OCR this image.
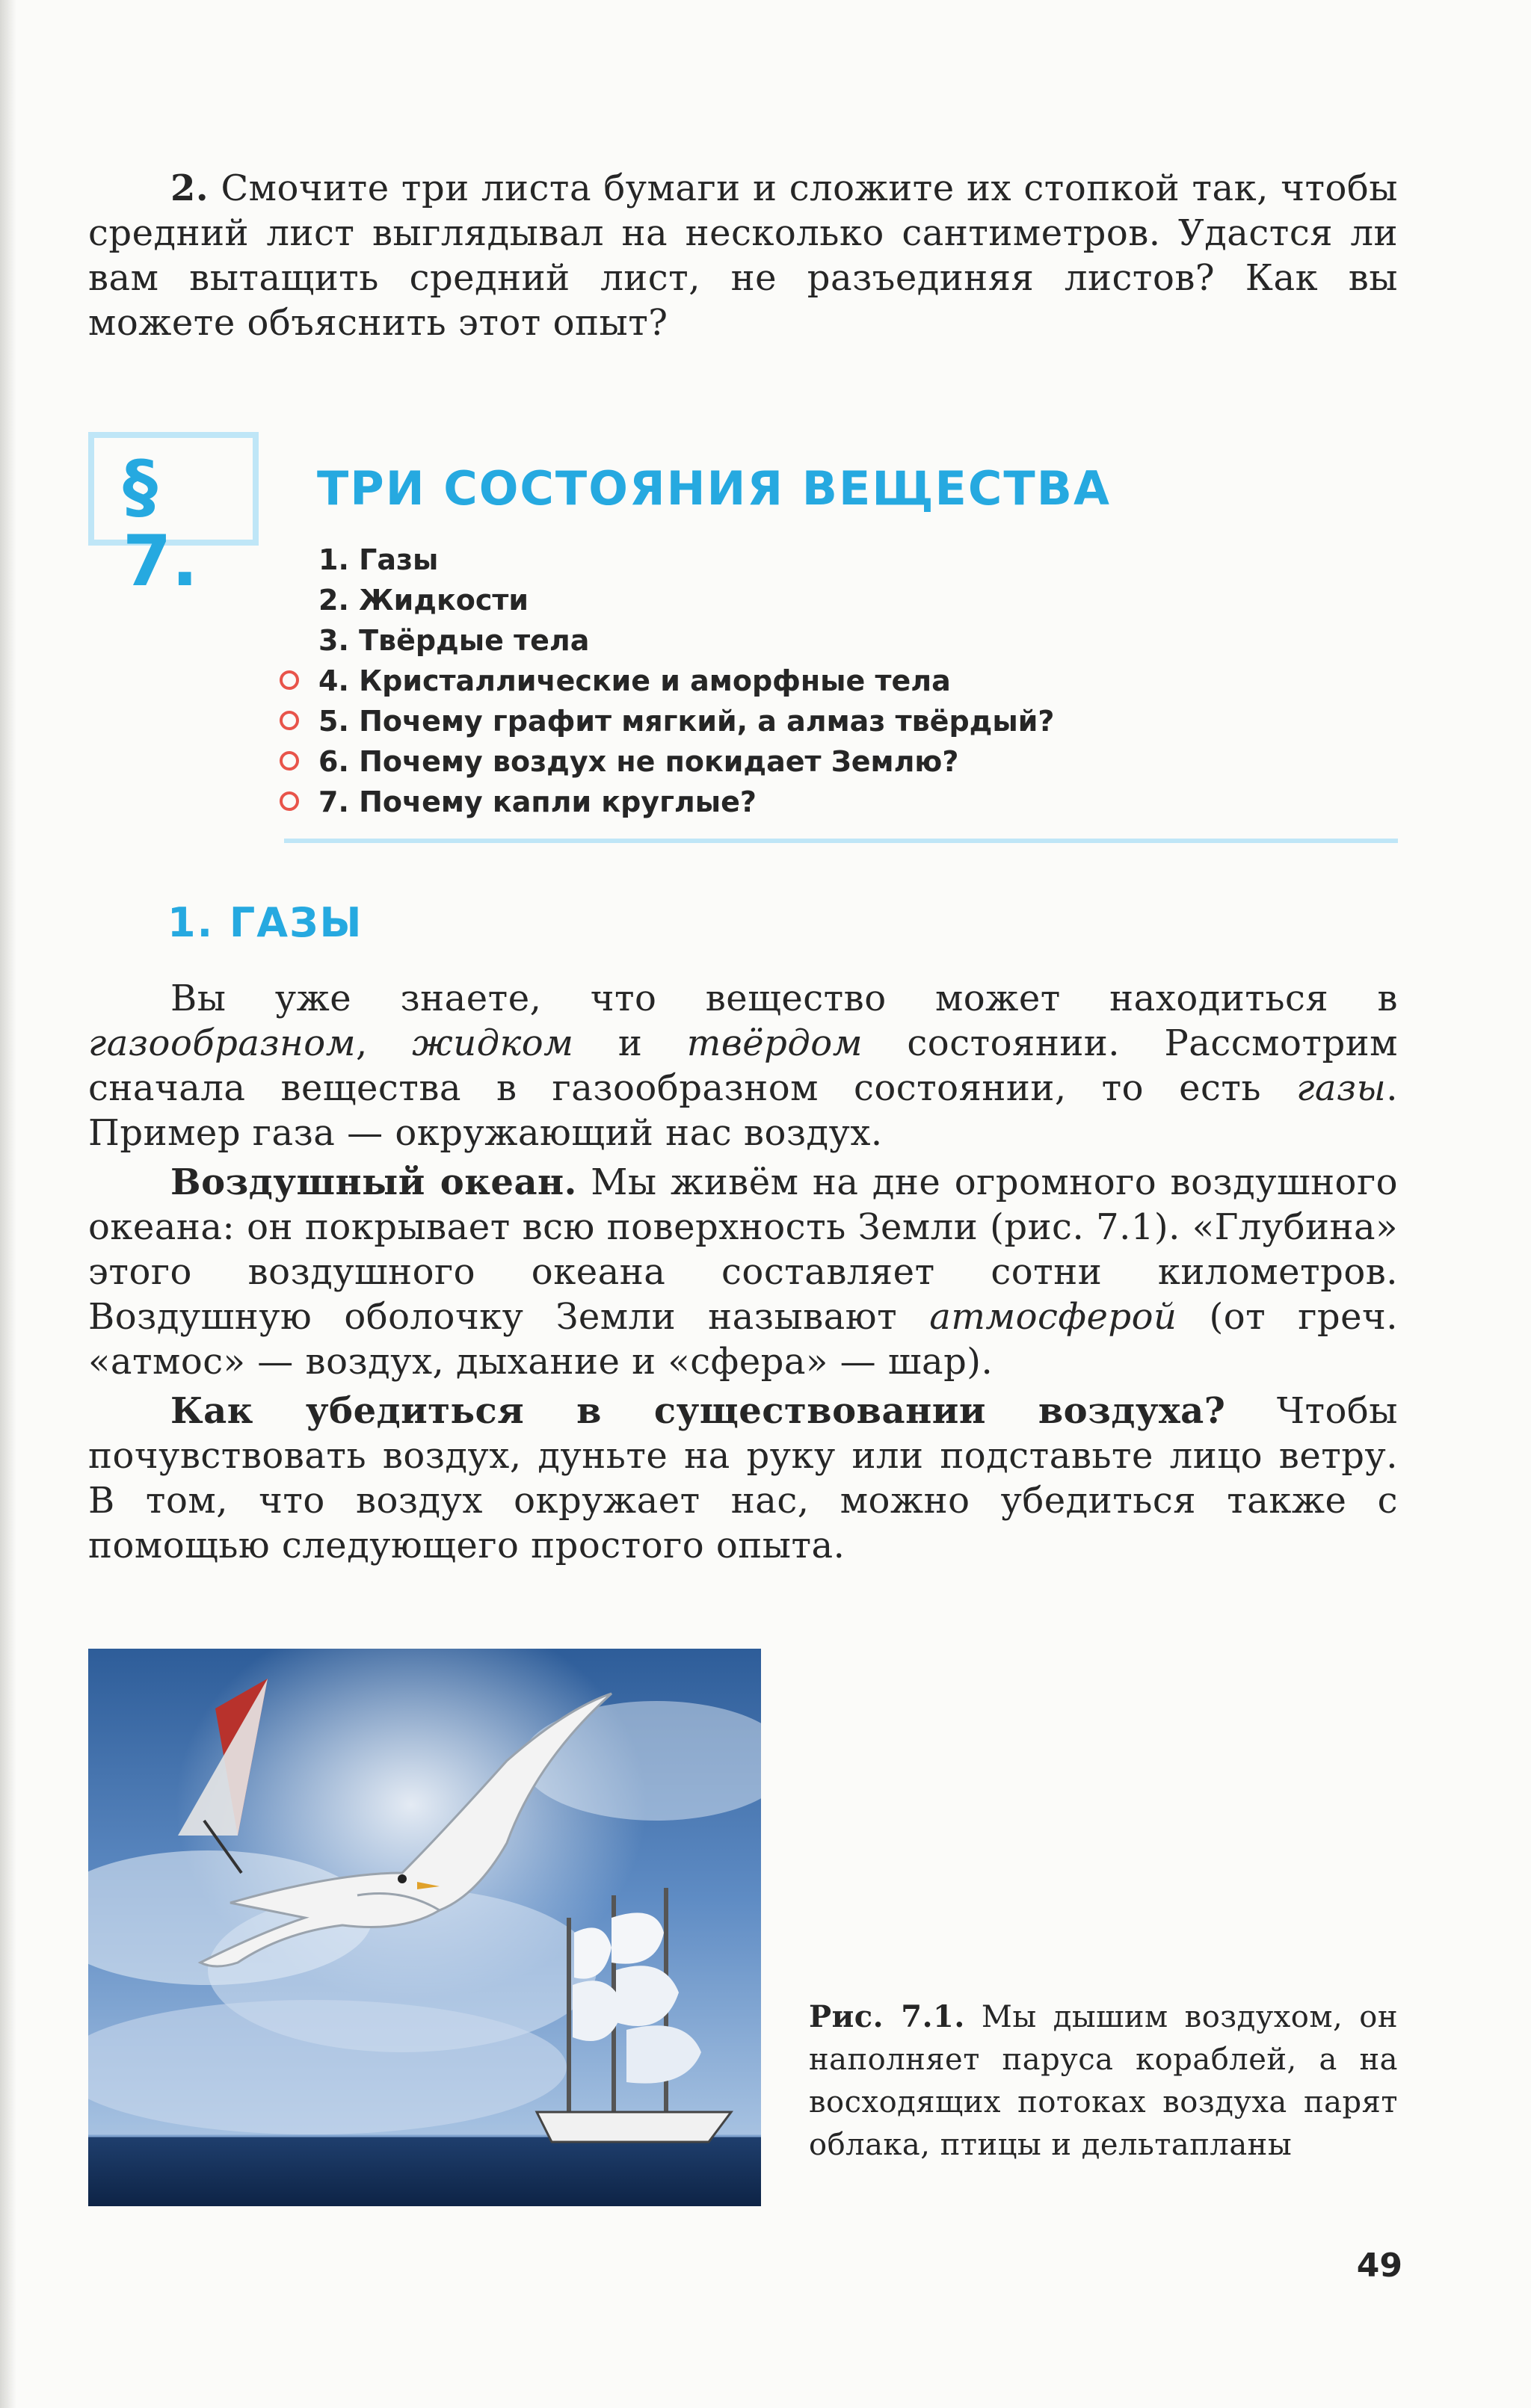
2. Смочите три листа бумаги и сложите их стопкой так, чтобы средний лист выглядывал на несколько сантиметров. Удастся ли вам вытащить средний лист, не разъединяя листов? Как вы можете объяснить этот опыт?

§ 7.
ТРИ СОСТОЯНИЯ ВЕЩЕСТВА
1. Газы
2. Жидкости
3. Твёрдые тела
4. Кристаллические и аморфные тела
5. Почему графит мягкий, а алмаз твёрдый?
6. Почему воздух не покидает Землю?
7. Почему капли круглые?
1. ГАЗЫ

Вы уже знаете, что вещество может находиться в газообразном, жидком и твёрдом состоянии. Рассмотрим сначала вещества в газообразном состоянии, то есть газы. Пример газа — окружающий нас воздух.

Воздушный океан. Мы живём на дне огромного воздушного океана: он покрывает всю поверхность Земли (рис. 7.1). «Глубина» этого воздушного океана составляет сотни километров. Воздушную оболочку Земли называют атмосферой (от греч. «атмос» — воздух, дыхание и «сфера» — шар).

Как убедиться в существовании воздуха? Чтобы почувствовать воздух, дуньте на руку или подставьте лицо ветру. В том, что воздух окружает нас, можно убедиться также с помощью следующего простого опыта.

Рис. 7.1. Мы дышим воздухом, он наполняет паруса кораблей, а на восходящих потоках воздуха парят облака, птицы и дельтапланы
49
